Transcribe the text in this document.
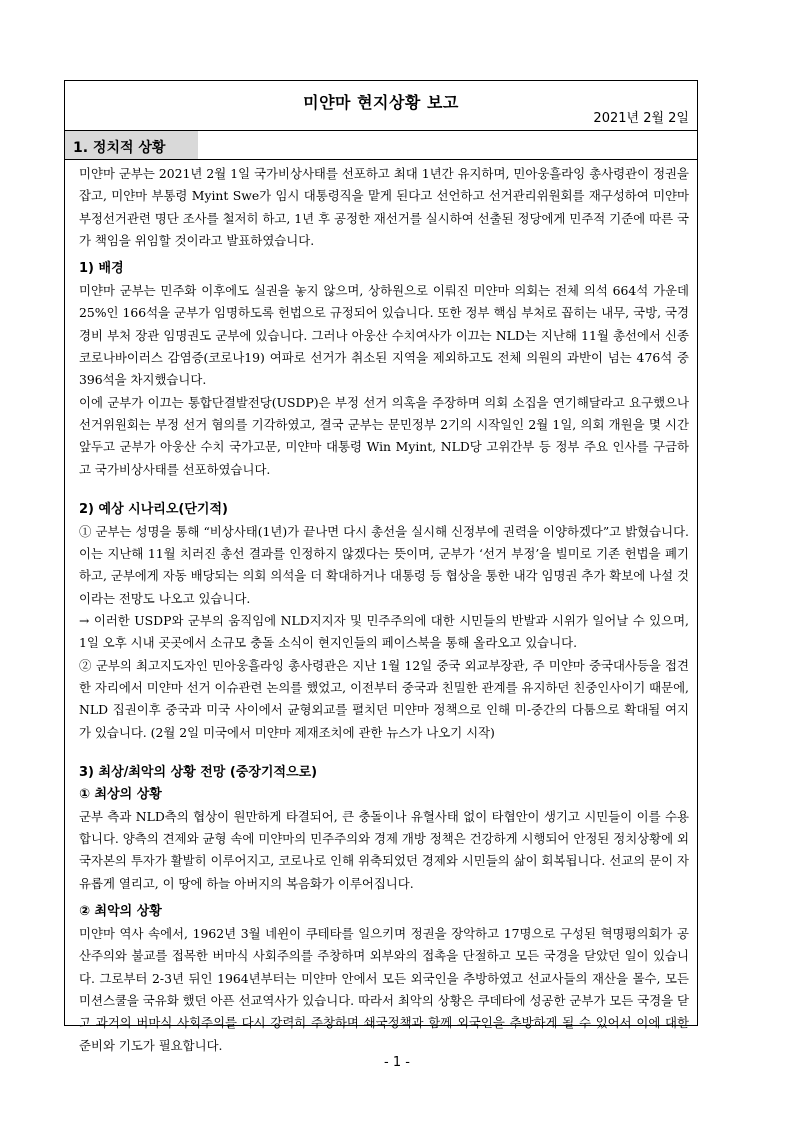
미얀마 현지상황 보고
2021년 2월 2일
1. 정치적 상황

미얀마 군부는 2021년 2월 1일 국가비상사태를 선포하고 최대 1년간 유지하며, 민아웅흘라잉 총사령관이 정권을 잡고, 미얀마 부통령 Myint Swe가 임시 대통령직을 맡게 된다고 선언하고 선거관리위원회를 재구성하여 미얀마 부정선거관련 명단 조사를 철저히 하고, 1년 후 공정한 재선거를 실시하여 선출된 정당에게 민주적 기준에 따른 국가 책임을 위임할 것이라고 발표하였습니다.

1) 배경

미얀마 군부는 민주화 이후에도 실권을 놓지 않으며, 상하원으로 이뤄진 미얀마 의회는 전체 의석 664석 가운데 25%인 166석을 군부가 임명하도록 헌법으로 규정되어 있습니다. 또한 정부 핵심 부처로 꼽히는 내무, 국방, 국경경비 부처 장관 임명권도 군부에 있습니다. 그러나 아웅산 수치여사가 이끄는 NLD는 지난해 11월 총선에서 신종 코로나바이러스 감염증(코로나19) 여파로 선거가 취소된 지역을 제외하고도 전체 의원의 과반이 넘는 476석 중 396석을 차지했습니다.

이에 군부가 이끄는 통합단결발전당(USDP)은 부정 선거 의혹을 주장하며 의회 소집을 연기해달라고 요구했으나 선거위원회는 부정 선거 혐의를 기각하였고, 결국 군부는 문민정부 2기의 시작일인 2월 1일, 의회 개원을 몇 시간 앞두고 군부가 아웅산 수치 국가고문, 미얀마 대통령 Win Myint, NLD당 고위간부 등 정부 주요 인사를 구금하고 국가비상사태를 선포하였습니다.

2) 예상 시나리오(단기적)

① 군부는 성명을 통해 “비상사태(1년)가 끝나면 다시 총선을 실시해 신정부에 권력을 이양하겠다”고 밝혔습니다. 이는 지난해 11월 치러진 총선 결과를 인정하지 않겠다는 뜻이며, 군부가 ‘선거 부정’을 빌미로 기존 헌법을 폐기하고, 군부에게 자동 배당되는 의회 의석을 더 확대하거나 대통령 등 협상을 통한 내각 임명권 추가 확보에 나설 것이라는 전망도 나오고 있습니다.

→ 이러한 USDP와 군부의 움직임에 NLD지지자 및 민주주의에 대한 시민들의 반발과 시위가 일어날 수 있으며, 1일 오후 시내 곳곳에서 소규모 충돌 소식이 현지인들의 페이스북을 통해 올라오고 있습니다.

② 군부의 최고지도자인 민아웅흘라잉 총사령관은 지난 1월 12일 중국 외교부장관, 주 미얀마 중국대사등을 접견한 자리에서 미얀마 선거 이슈관련 논의를 했었고, 이전부터 중국과 친밀한 관계를 유지하던 친중인사이기 때문에, NLD 집권이후 중국과 미국 사이에서 균형외교를 펼치던 미얀마 정책으로 인해 미-중간의 다툼으로 확대될 여지가 있습니다. (2월 2일 미국에서 미얀마 제재조치에 관한 뉴스가 나오기 시작)

3) 최상/최악의 상황 전망 (중장기적으로)
① 최상의 상황

군부 측과 NLD측의 협상이 원만하게 타결되어, 큰 충돌이나 유혈사태 없이 타협안이 생기고 시민들이 이를 수용합니다. 양측의 견제와 균형 속에 미얀마의 민주주의와 경제 개방 정책은 건강하게 시행되어 안정된 정치상황에 외국자본의 투자가 활발히 이루어지고, 코로나로 인해 위축되었던 경제와 시민들의 삶이 회복됩니다. 선교의 문이 자유롭게 열리고, 이 땅에 하늘 아버지의 복음화가 이루어집니다.

② 최악의 상황

미얀마 역사 속에서, 1962년 3월 네윈이 쿠테타를 일으키며 정권을 장악하고 17명으로 구성된 혁명평의회가 공산주의와 불교를 접목한 버마식 사회주의를 주창하며 외부와의 접촉을 단절하고 모든 국경을 닫았던 일이 있습니다. 그로부터 2-3년 뒤인 1964년부터는 미얀마 안에서 모든 외국인을 추방하였고 선교사들의 재산을 몰수, 모든 미션스쿨을 국유화 했던 아픈 선교역사가 있습니다. 따라서 최악의 상황은 쿠데타에 성공한 군부가 모든 국경을 닫고 과거의 버마식 사회주의를 다시 강력히 주창하며 쇄국정책과 함께 외국인을 추방하게 될 수 있어서 이에 대한 준비와 기도가 필요합니다.

- 1 -
